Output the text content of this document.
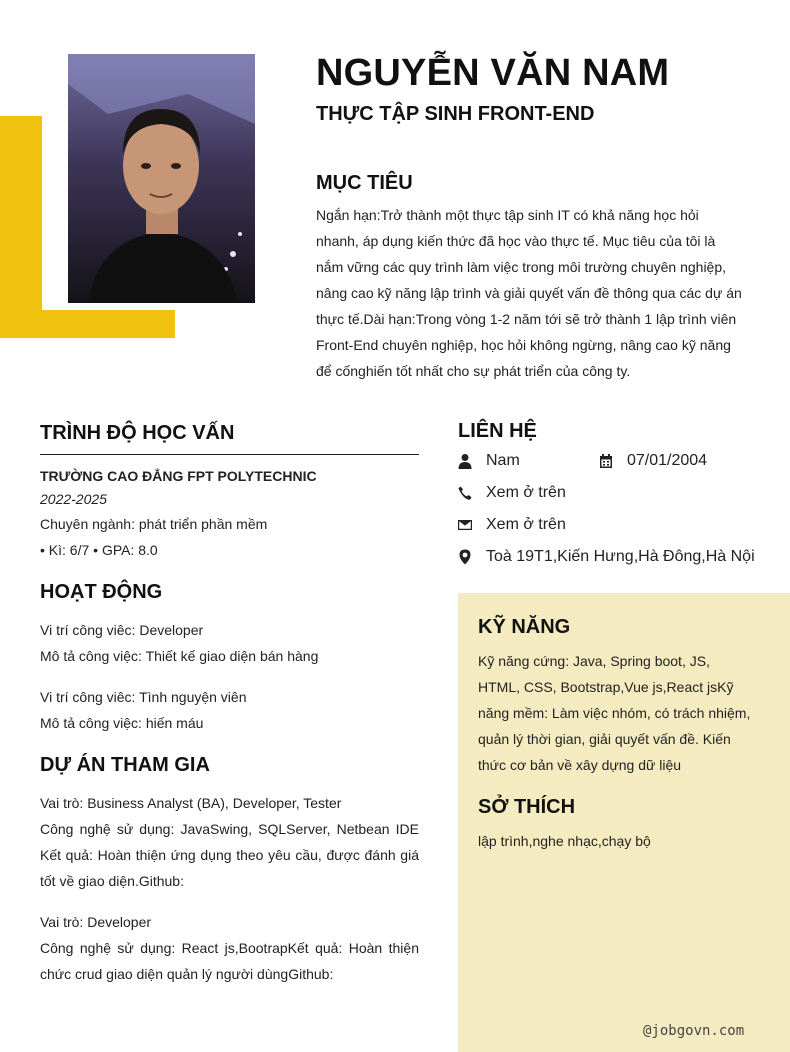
NGUYỄN VĂN NAM
THỰC TẬP SINH FRONT-END
MỤC TIÊU
Ngắn hạn:Trở thành một thực tập sinh IT có khả năng học hỏi nhanh, áp dụng kiến thức đã học vào thực tế. Mục tiêu của tôi là nắm vững các quy trình làm việc trong môi trường chuyên nghiệp, nâng cao kỹ năng lập trình và giải quyết vấn đề thông qua các dự án thực tế.Dài hạn:Trong vòng 1-2 năm tới sẽ trở thành 1 lập trình viên Front-End chuyên nghiệp, học hỏi không ngừng, nâng cao kỹ năng để cốnghiến tốt nhất cho sự phát triển của công ty.
TRÌNH ĐỘ HỌC VẤN
TRƯỜNG CAO ĐẲNG FPT POLYTECHNIC
2022-2025
Chuyên ngành: phát triển phần mềm
• Kì: 6/7 • GPA: 8.0
HOẠT ĐỘNG
Vi trí công viêc: Developer
Mô tả công việc: Thiết kế giao diện bán hàng
Vi trí công viêc: Tình nguyện viên
Mô tả công việc: hiến máu
DỰ ÁN THAM GIA
Vai trò: Business Analyst (BA), Developer, Tester
Công nghệ sử dụng: JavaSwing, SQLServer, Netbean IDE Kết quả: Hoàn thiện ứng dụng theo yêu cầu, được đánh giá tốt về giao diện.Github:
Vai trò: Developer
Công nghệ sử dụng: React js,BootrapKết quả: Hoàn thiện chức crud giao diện quản lý người dùngGithub:
LIÊN HỆ
Nam	07/01/2004
Xem ở trên
Xem ở trên
Toà 19T1,Kiến Hưng,Hà Đông,Hà Nội
KỸ NĂNG
Kỹ năng cứng: Java, Spring boot, JS, HTML, CSS, Bootstrap,Vue js,React jsKỹ năng mềm: Làm việc nhóm, có trách nhiệm, quản lý thời gian, giải quyết vấn đề. Kiến thức cơ bản về xây dựng dữ liệu
SỞ THÍCH
lập trình,nghe nhạc,chạy bộ
@jobgovn.com
